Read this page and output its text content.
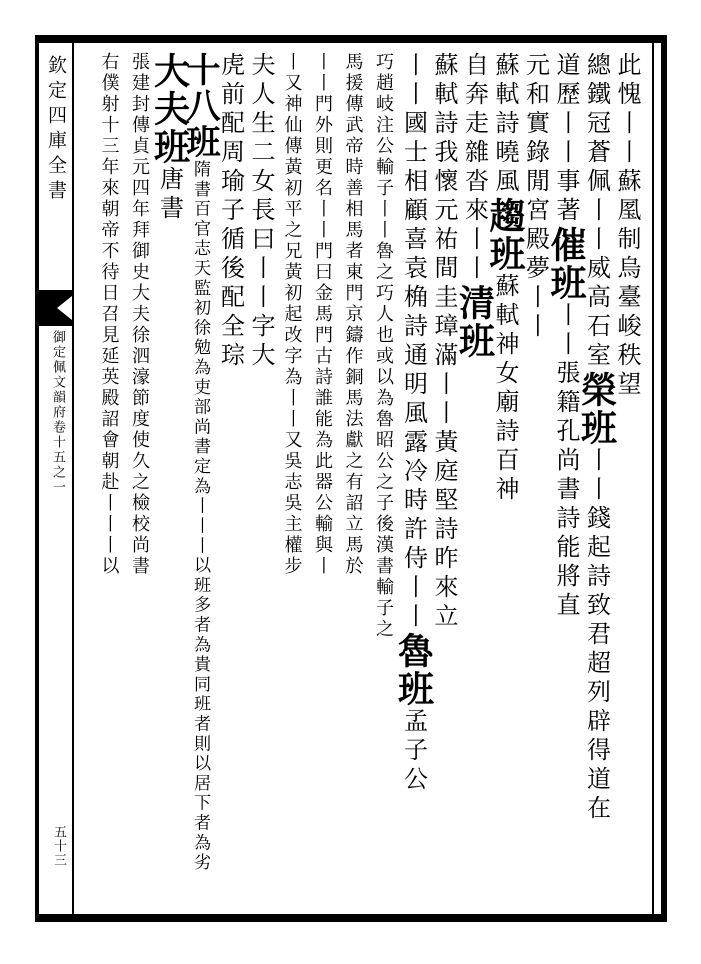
欽定四庫全書
御定佩文韻府卷十五之一
五十三
此愧丨丨蘇㓘制烏臺峻秩望
總鐵冠蒼佩丨丨威高石室榮班丨丨錢起詩致君超列辟得道在
道歷丨丨事著催班丨丨張籍孔尚書詩能將直
元和實錄閒宮殿夢丨丨
蘇軾詩曉風趨班蘇軾神女廟詩百神
自奔走雜沓來丨丨清班
蘇軾詩我懷元祐間圭璋滿丨丨黃庭堅詩昨來立
丨丨國士相顧喜袁桷詩通明風露冷時許侍丨丨魯班孟子公
巧趙岐注公輸子丨丨魯之巧人也或以為魯昭公之子後漢書輸子之
馬援傳武帝時善相馬者東門京鑄作銅馬法獻之有詔立馬於
丨丨門外則更名丨丨門曰金馬門古詩誰能為此器公輸與丨
丨又神仙傳黃初平之兄黃初起改字為丨丨又吳志吳主權步
夫人生二女長曰丨丨字大
虎前配周瑜子循後配全琮
十八班隋書百官志天監初徐勉為吏部尚書定為丨丨丨以班多者為貴同班者則以居下者為劣
大夫班唐書
張建封傳貞元四年拜御史大夫徐泗濠節度使久之檢校尚書
右僕射十三年來朝帝不待日召見延英殿詔會朝赴丨丨丨以
